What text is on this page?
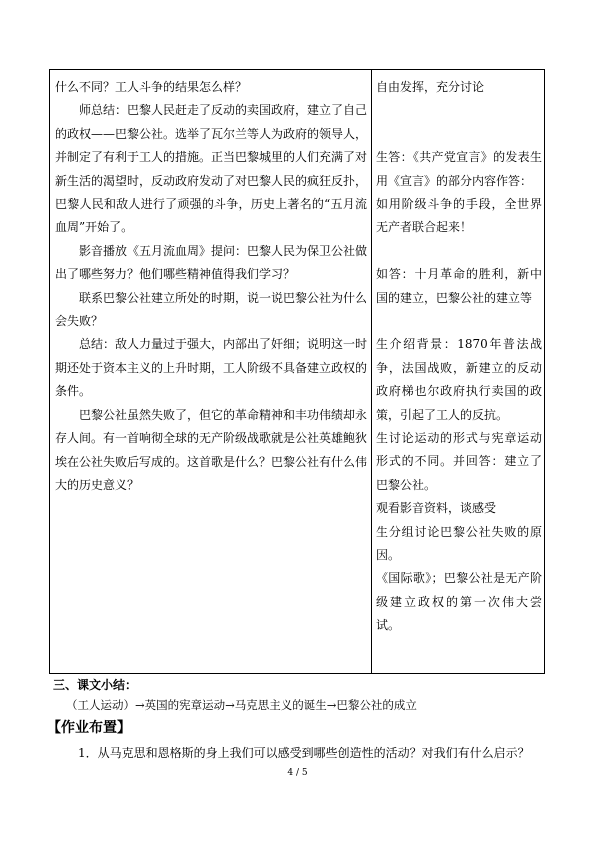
什么不同？工人斗争的结果怎么样？

师总结：巴黎人民赶走了反动的卖国政府，建立了自己的政权——巴黎公社。选举了瓦尔兰等人为政府的领导人，并制定了有利于工人的措施。正当巴黎城里的人们充满了对新生活的渴望时，反动政府发动了对巴黎人民的疯狂反扑，巴黎人民和敌人进行了顽强的斗争，历史上著名的“五月流血周”开始了。

影音播放《五月流血周》提问：巴黎人民为保卫公社做出了哪些努力？他们哪些精神值得我们学习？

联系巴黎公社建立所处的时期，说一说巴黎公社为什么会失败？

总结：敌人力量过于强大，内部出了奸细；说明这一时期还处于资本主义的上升时期，工人阶级不具备建立政权的条件。

巴黎公社虽然失败了，但它的革命精神和丰功伟绩却永存人间。有一首响彻全球的无产阶级战歌就是公社英雄鲍狄埃在公社失败后写成的。这首歌是什么？巴黎公社有什么伟大的历史意义？

自由发挥，充分讨论

生答：《共产党宣言》的发表生用《宣言》的部分内容作答：

如用阶级斗争的手段，全世界无产者联合起来！

如答：十月革命的胜利，新中国的建立，巴黎公社的建立等

生介绍背景：1870年普法战争，法国战败，新建立的反动政府梯也尔政府执行卖国的政策，引起了工人的反抗。

生讨论运动的形式与宪章运动形式的不同。并回答：建立了巴黎公社。

观看影音资料，谈感受

生分组讨论巴黎公社失败的原因。

《国际歌》；巴黎公社是无产阶级建立政权的第一次伟大尝试。

三、课文小结：
（工人运动）→英国的宪章运动→马克思主义的诞生→巴黎公社的成立
【作业布置】
1．从马克思和恩格斯的身上我们可以感受到哪些创造性的活动？对我们有什么启示？
4 / 5
